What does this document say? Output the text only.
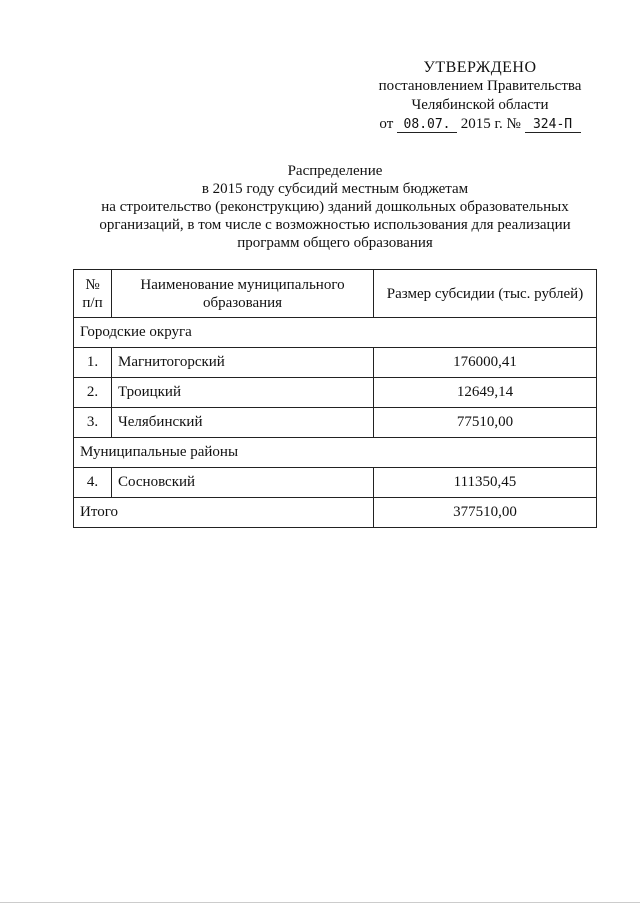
УТВЕРЖДЕНО
постановлением Правительства
Челябинской области
от 08.07. 2015 г. № 324-П
Распределение
в 2015 году субсидий местным бюджетам
на строительство (реконструкцию) зданий дошкольных образовательных
организаций, в том числе с возможностью использования для реализации
программ общего образования
№ п/п	Наименование муниципального образования	Размер субсидии (тыс. рублей)
Городские округа		
1.	Магнитогорский	176000,41
2.	Троицкий	12649,14
3.	Челябинский	77510,00
Муниципальные районы		
4.	Сосновский	111350,45
Итого		377510,00
